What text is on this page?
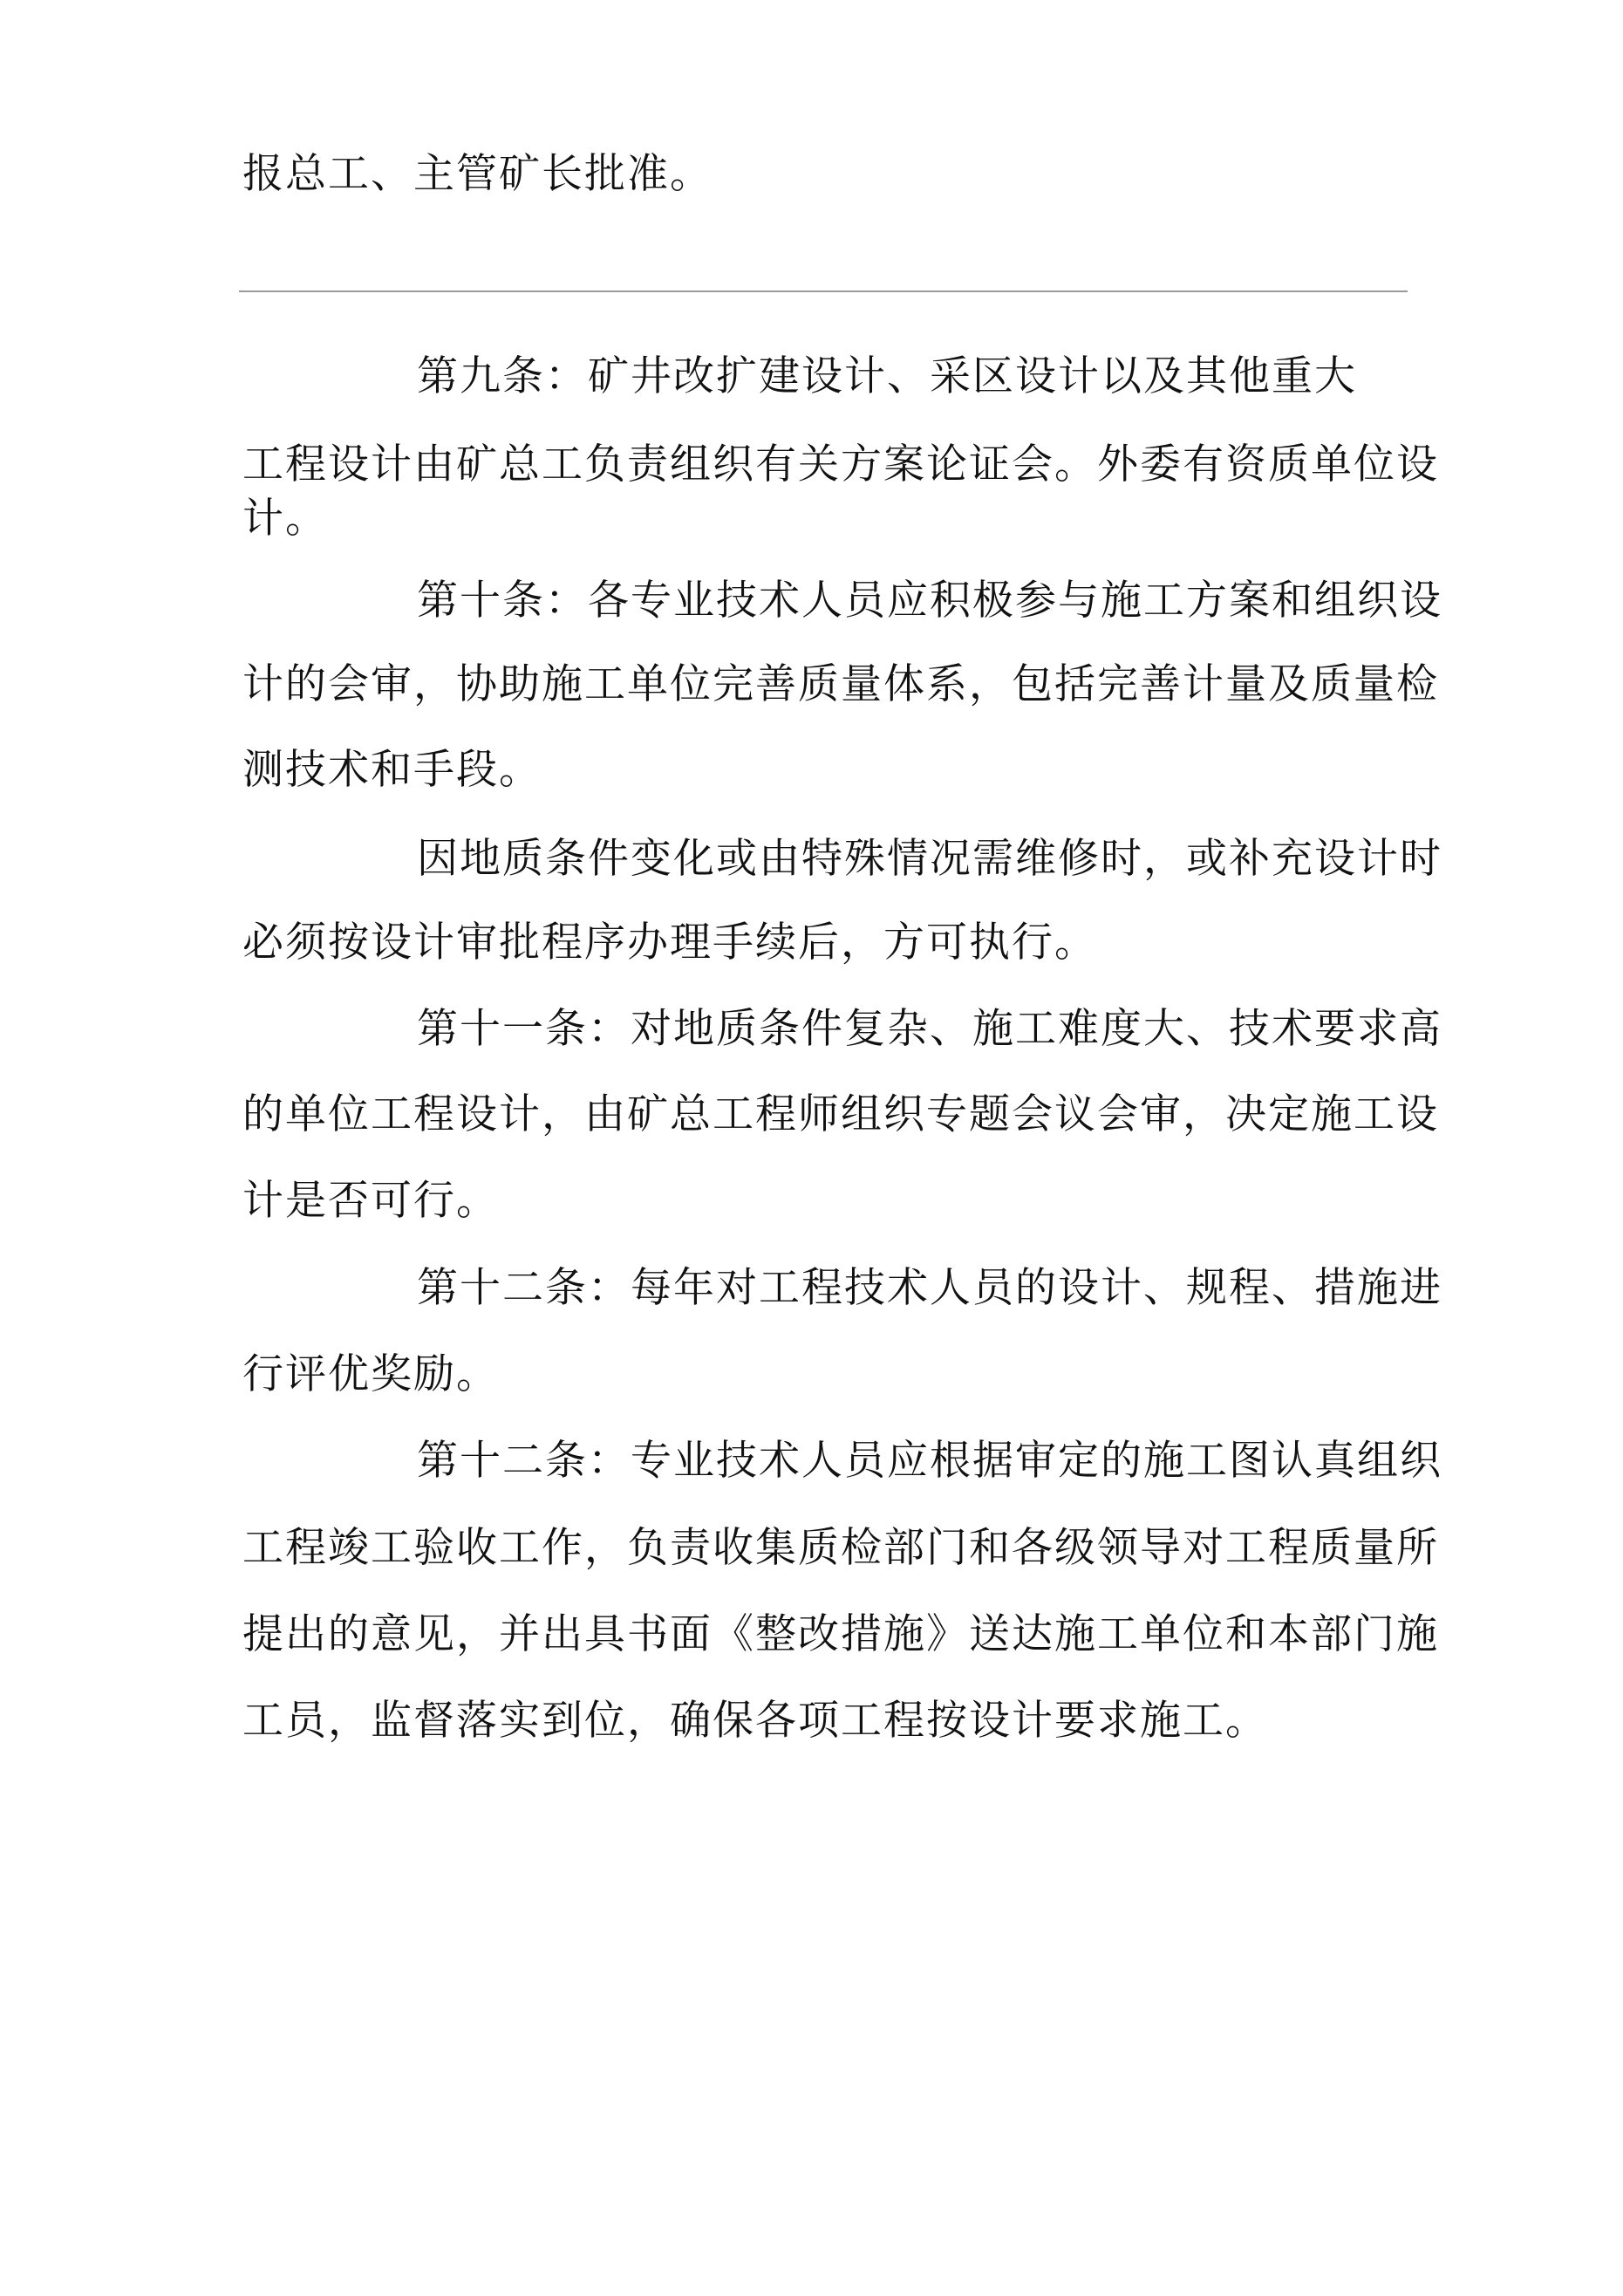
报总工、主管矿长批准。
第九条：矿井改扩建设计、采区设计以及其他重大
工程设计由矿总工负责组织有关方案论证会。外委有资质单位设
计。
第十条：各专业技术人员应积极参与施工方案和组织设
计的会审，协助施工单位完善质量体系，包括完善计量及质量检
测技术和手段。
因地质条件变化或由特殊情况需维修时，或补充设计时
必须按设计审批程序办理手续后，方可执行。
第十一条：对地质条件复杂、施工难度大、技术要求高
的单位工程设计，由矿总工程师组织专题会议会审，决定施工设
计是否可行。
第十二条：每年对工程技术人员的设计、规程、措施进
行评优奖励。
第十二条：专业技术人员应根据审定的施工图认真组织
工程竣工验收工作，负责收集质检部门和各级领导对工程质量所
提出的意见，并出具书面《整改措施》送达施工单位和本部门施
工员，监督落实到位，确保各项工程按设计要求施工。
